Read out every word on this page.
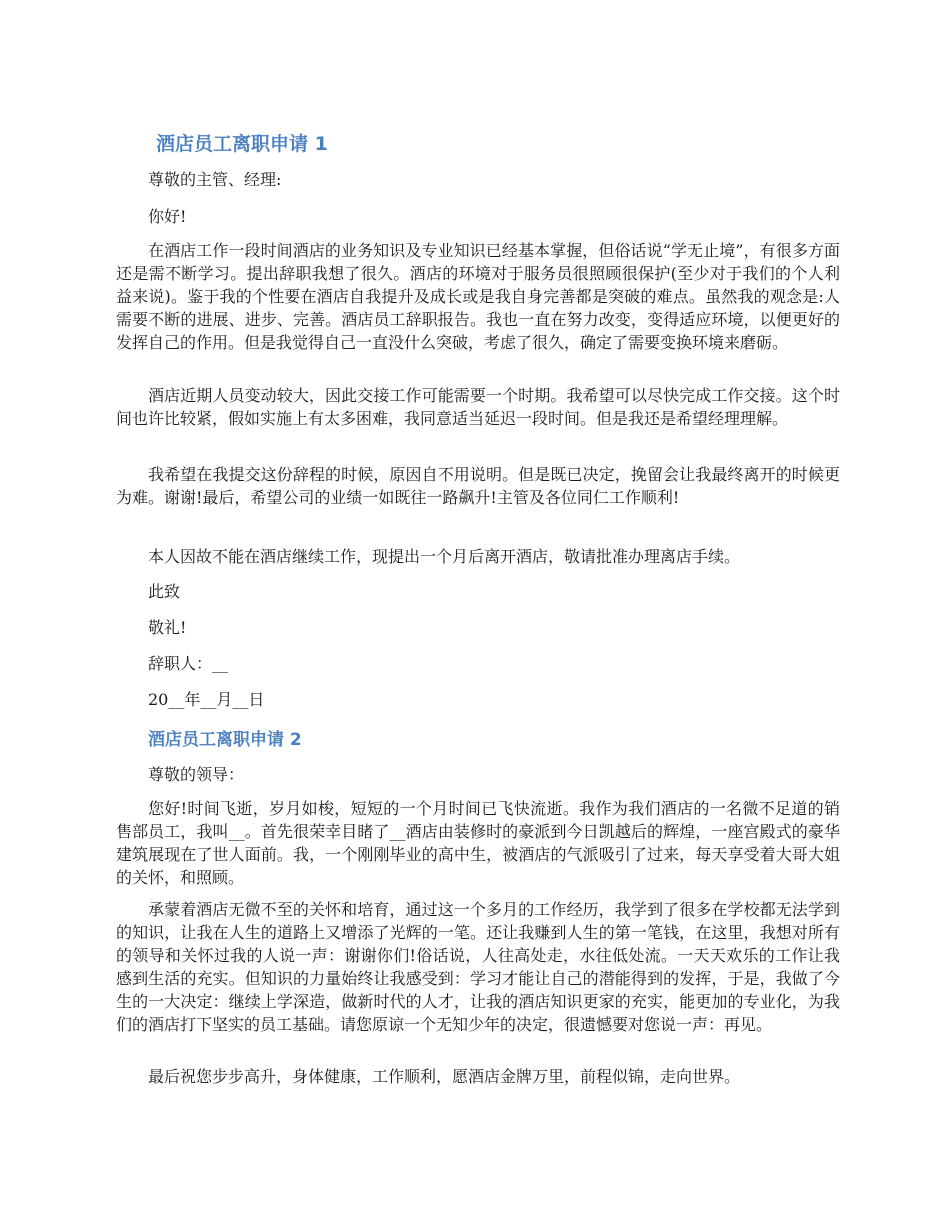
酒店员工离职申请 1

尊敬的主管、经理:

你好!

在酒店工作一段时间酒店的业务知识及专业知识已经基本掌握，但俗话说“学无止境”，有很多方面还是需不断学习。提出辞职我想了很久。酒店的环境对于服务员很照顾很保护(至少对于我们的个人利益来说)。鉴于我的个性要在酒店自我提升及成长或是我自身完善都是突破的难点。虽然我的观念是:人需要不断的进展、进步、完善。酒店员工辞职报告。我也一直在努力改变，变得适应环境，以便更好的发挥自己的作用。但是我觉得自己一直没什么突破，考虑了很久，确定了需要变换环境来磨砺。

酒店近期人员变动较大，因此交接工作可能需要一个时期。我希望可以尽快完成工作交接。这个时间也许比较紧，假如实施上有太多困难，我同意适当延迟一段时间。但是我还是希望经理理解。

我希望在我提交这份辞程的时候，原因自不用说明。但是既已决定，挽留会让我最终离开的时候更为难。谢谢!最后，希望公司的业绩一如既往一路飙升!主管及各位同仁工作顺利!

本人因故不能在酒店继续工作，现提出一个月后离开酒店，敬请批准办理离店手续。

此致

敬礼!

辞职人：__

20__年__月__日

酒店员工离职申请 2

尊敬的领导：

您好!时间飞逝，岁月如梭，短短的一个月时间已飞快流逝。我作为我们酒店的一名微不足道的销售部员工，我叫__。首先很荣幸目睹了__酒店由装修时的豪派到今日凯越后的辉煌，一座宫殿式的豪华建筑展现在了世人面前。我，一个刚刚毕业的高中生，被酒店的气派吸引了过来，每天享受着大哥大姐的关怀，和照顾。

承蒙着酒店无微不至的关怀和培育，通过这一个多月的工作经历，我学到了很多在学校都无法学到的知识，让我在人生的道路上又增添了光辉的一笔。还让我赚到人生的第一笔钱，在这里，我想对所有的领导和关怀过我的人说一声：谢谢你们!俗话说，人往高处走，水往低处流。一天天欢乐的工作让我感到生活的充实。但知识的力量始终让我感受到：学习才能让自己的潜能得到的发挥，于是，我做了今生的一大决定：继续上学深造，做新时代的人才，让我的酒店知识更家的充实，能更加的专业化，为我们的酒店打下坚实的员工基础。请您原谅一个无知少年的决定，很遗憾要对您说一声：再见。

最后祝您步步高升，身体健康，工作顺利，愿酒店金牌万里，前程似锦，走向世界。
